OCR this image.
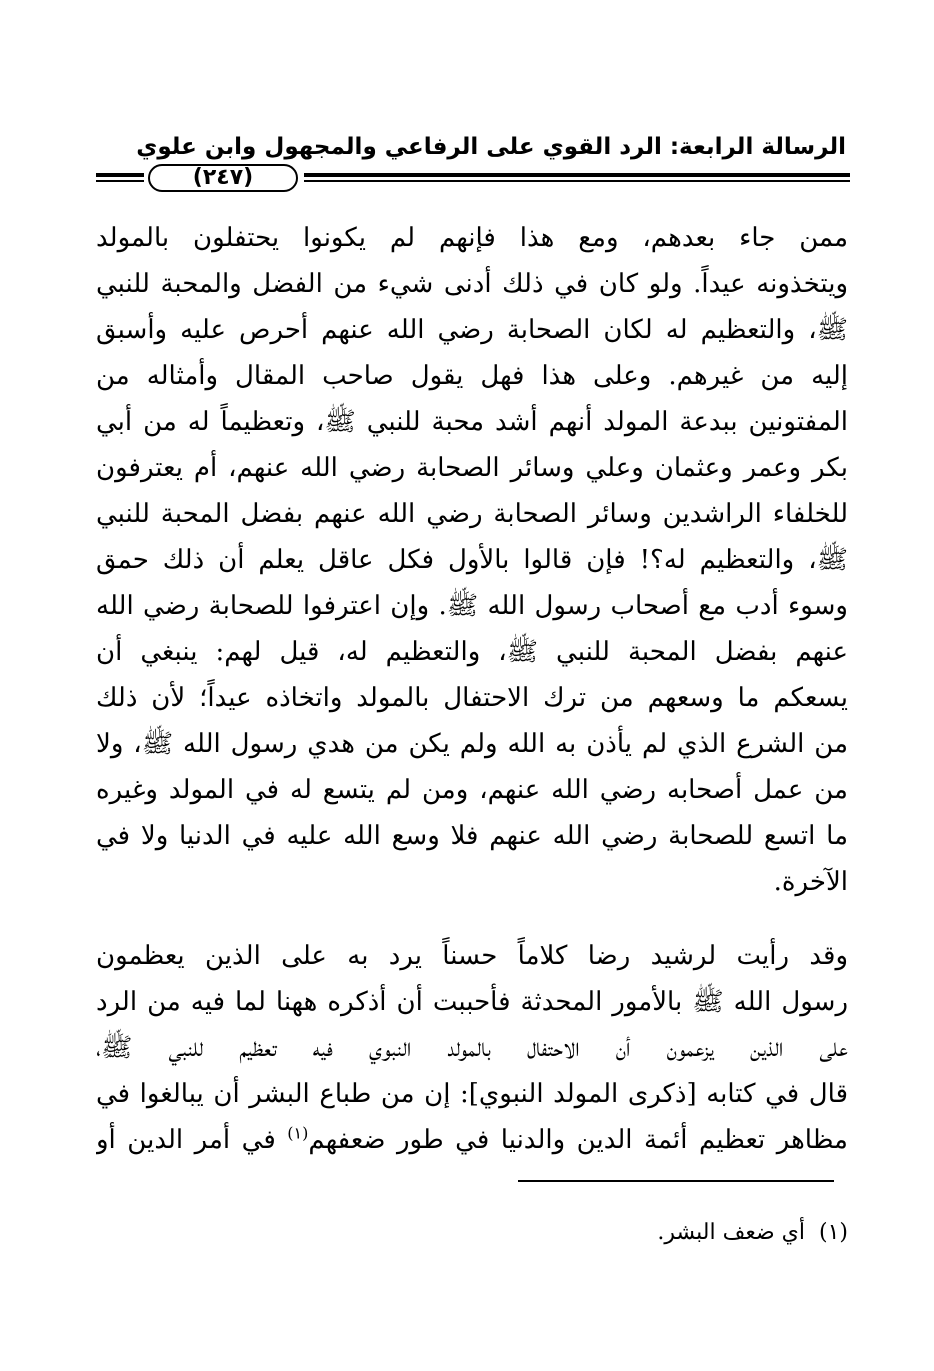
الرسالة الرابعة: الرد القوي على الرفاعي والمجهول وابن علوي
(٢٤٧)
ممن جاء بعدهم، ومع هذا فإنهم لم يكونوا يحتفلون بالمولد
ويتخذونه عيداً. ولو كان في ذلك أدنى شيء من الفضل والمحبة للنبي
ﷺ، والتعظيم له لكان الصحابة رضي الله عنهم أحرص عليه وأسبق
إليه من غيرهم. وعلى هذا فهل يقول صاحب المقال وأمثاله من
المفتونين ببدعة المولد أنهم أشد محبة للنبي ﷺ، وتعظيماً له من أبي
بكر وعمر وعثمان وعلي وسائر الصحابة رضي الله عنهم، أم يعترفون
للخلفاء الراشدين وسائر الصحابة رضي الله عنهم بفضل المحبة للنبي
ﷺ، والتعظيم له؟! فإن قالوا بالأول فكل عاقل يعلم أن ذلك حمق
وسوء أدب مع أصحاب رسول الله ﷺ. وإن اعترفوا للصحابة رضي الله
عنهم بفضل المحبة للنبي ﷺ، والتعظيم له، قيل لهم: ينبغي أن
يسعكم ما وسعهم من ترك الاحتفال بالمولد واتخاذه عيداً؛ لأن ذلك
من الشرع الذي لم يأذن به الله ولم يكن من هدي رسول الله ﷺ، ولا
من عمل أصحابه رضي الله عنهم، ومن لم يتسع له في المولد وغيره
ما اتسع للصحابة رضي الله عنهم فلا وسع الله عليه في الدنيا ولا في
الآخرة.
وقد رأيت لرشيد رضا كلاماً حسناً يرد به على الذين يعظمون
رسول الله ﷺ بالأمور المحدثة فأحببت أن أذكره ههنا لما فيه من الرد
على الذين يزعمون أن الاحتفال بالمولد النبوي فيه تعظيم للنبي ﷺ،
قال في كتابه [ذكرى المولد النبوي]: إن من طباع البشر أن يبالغوا في
مظاهر تعظيم أئمة الدين والدنيا في طور ضعفهم$^{(١)}$ في أمر الدين أو
(١)أي ضعف البشر.
